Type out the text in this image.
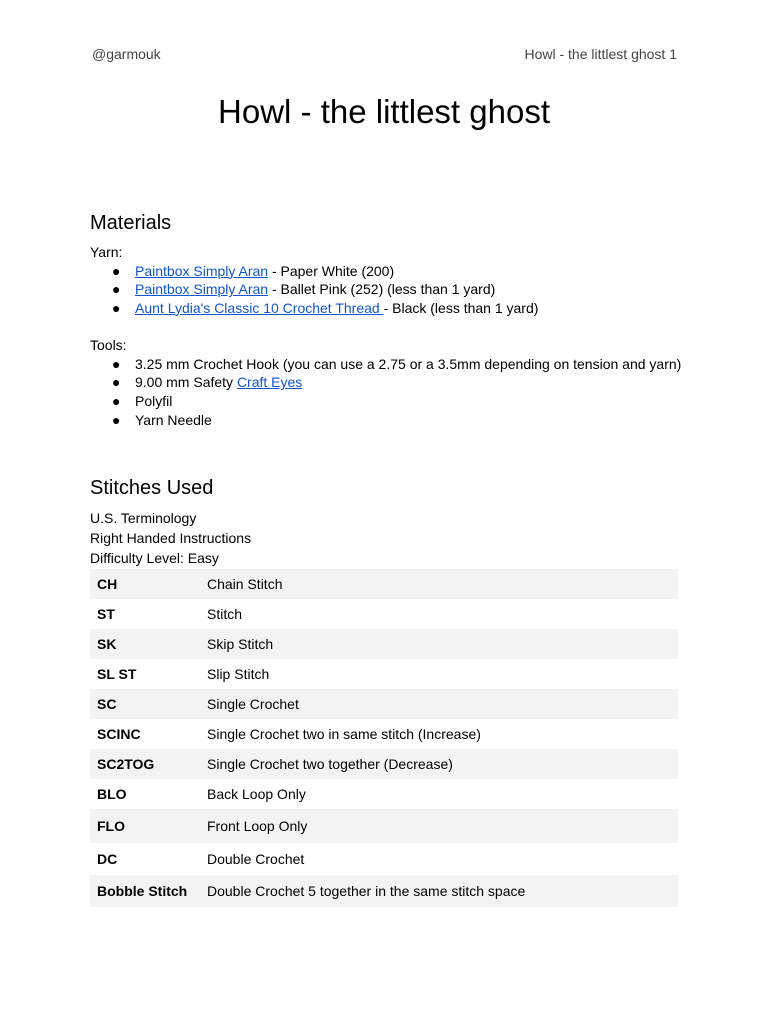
@garmouk	Howl - the littlest ghost 1
Howl - the littlest ghost
Materials
Yarn:
● Paintbox Simply Aran - Paper White (200)
● Paintbox Simply Aran - Ballet Pink (252) (less than 1 yard)
● Aunt Lydia's Classic 10 Crochet Thread - Black (less than 1 yard)
Tools:
● 3.25 mm Crochet Hook (you can use a 2.75 or a 3.5mm depending on tension and yarn)
● 9.00 mm Safety Craft Eyes
● Polyfil
● Yarn Needle
Stitches Used
U.S. Terminology
Right Handed Instructions
Difficulty Level: Easy
CH	Chain Stitch
ST	Stitch
SK	Skip Stitch
SL ST	Slip Stitch
SC	Single Crochet
SCINC	Single Crochet two in same stitch (Increase)
SC2TOG	Single Crochet two together (Decrease)
BLO	Back Loop Only
FLO	Front Loop Only
DC	Double Crochet
Bobble Stitch	Double Crochet 5 together in the same stitch space
